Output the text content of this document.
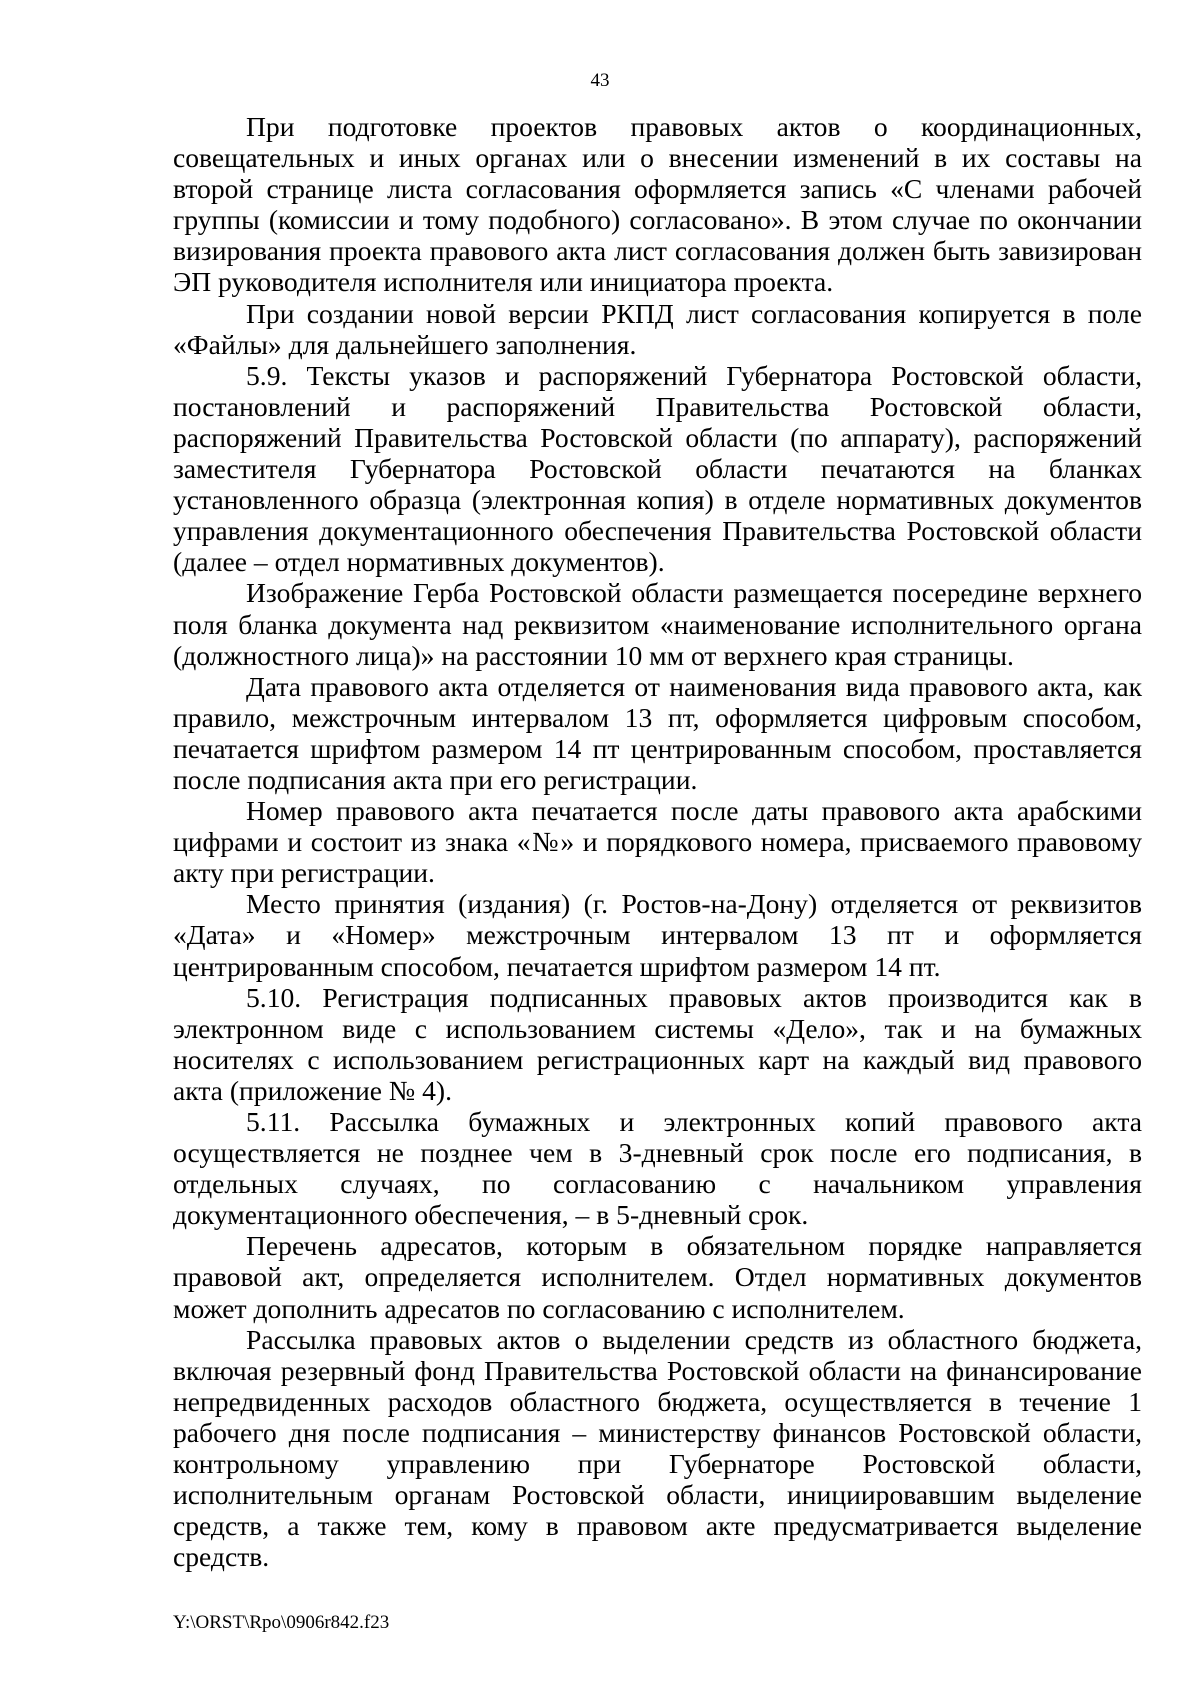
43

При подготовке проектов правовых актов о координационных, совещательных и иных органах или о внесении изменений в их составы на второй странице листа согласования оформляется запись «С членами рабочей группы (комиссии и тому подобного) согласовано». В этом случае по окончании визирования проекта правового акта лист согласования должен быть завизирован ЭП руководителя исполнителя или инициатора проекта.

При создании новой версии РКПД лист согласования копируется в поле «Файлы» для дальнейшего заполнения.

5.9. Тексты указов и распоряжений Губернатора Ростовской области, постановлений и распоряжений Правительства Ростовской области, распоряжений Правительства Ростовской области (по аппарату), распоряжений заместителя Губернатора Ростовской области печатаются на бланках установленного образца (электронная копия) в отделе нормативных документов управления документационного обеспечения Правительства Ростовской области (далее – отдел нормативных документов).

Изображение Герба Ростовской области размещается посередине верхнего поля бланка документа над реквизитом «наименование исполнительного органа (должностного лица)» на расстоянии 10 мм от верхнего края страницы.

Дата правового акта отделяется от наименования вида правового акта, как правило, межстрочным интервалом 13 пт, оформляется цифровым способом, печатается шрифтом размером 14 пт центрированным способом, проставляется после подписания акта при его регистрации.

Номер правового акта печатается после даты правового акта арабскими цифрами и состоит из знака «№» и порядкового номера, присваемого правовому акту при регистрации.

Место принятия (издания) (г. Ростов-на-Дону) отделяется от реквизитов «Дата» и «Номер» межстрочным интервалом 13 пт и оформляется центрированным способом, печатается шрифтом размером 14 пт.

5.10. Регистрация подписанных правовых актов производится как в электронном виде с использованием системы «Дело», так и на бумажных носителях с использованием регистрационных карт на каждый вид правового акта (приложение № 4).

5.11. Рассылка бумажных и электронных копий правового акта осуществляется не позднее чем в 3-дневный срок после его подписания, в отдельных случаях, по согласованию с начальником управления документационного обеспечения, – в 5-дневный срок.

Перечень адресатов, которым в обязательном порядке направляется правовой акт, определяется исполнителем. Отдел нормативных документов может дополнить адресатов по согласованию с исполнителем.

Рассылка правовых актов о выделении средств из областного бюджета, включая резервный фонд Правительства Ростовской области на финансирование непредвиденных расходов областного бюджета, осуществляется в течение 1 рабочего дня после подписания – министерству финансов Ростовской области, контрольному управлению при Губернаторе Ростовской области, исполнительным органам Ростовской области, инициировавшим выделение средств, а также тем, кому в правовом акте предусматривается выделение средств.

Y:\ORST\Rpo\0906r842.f23
